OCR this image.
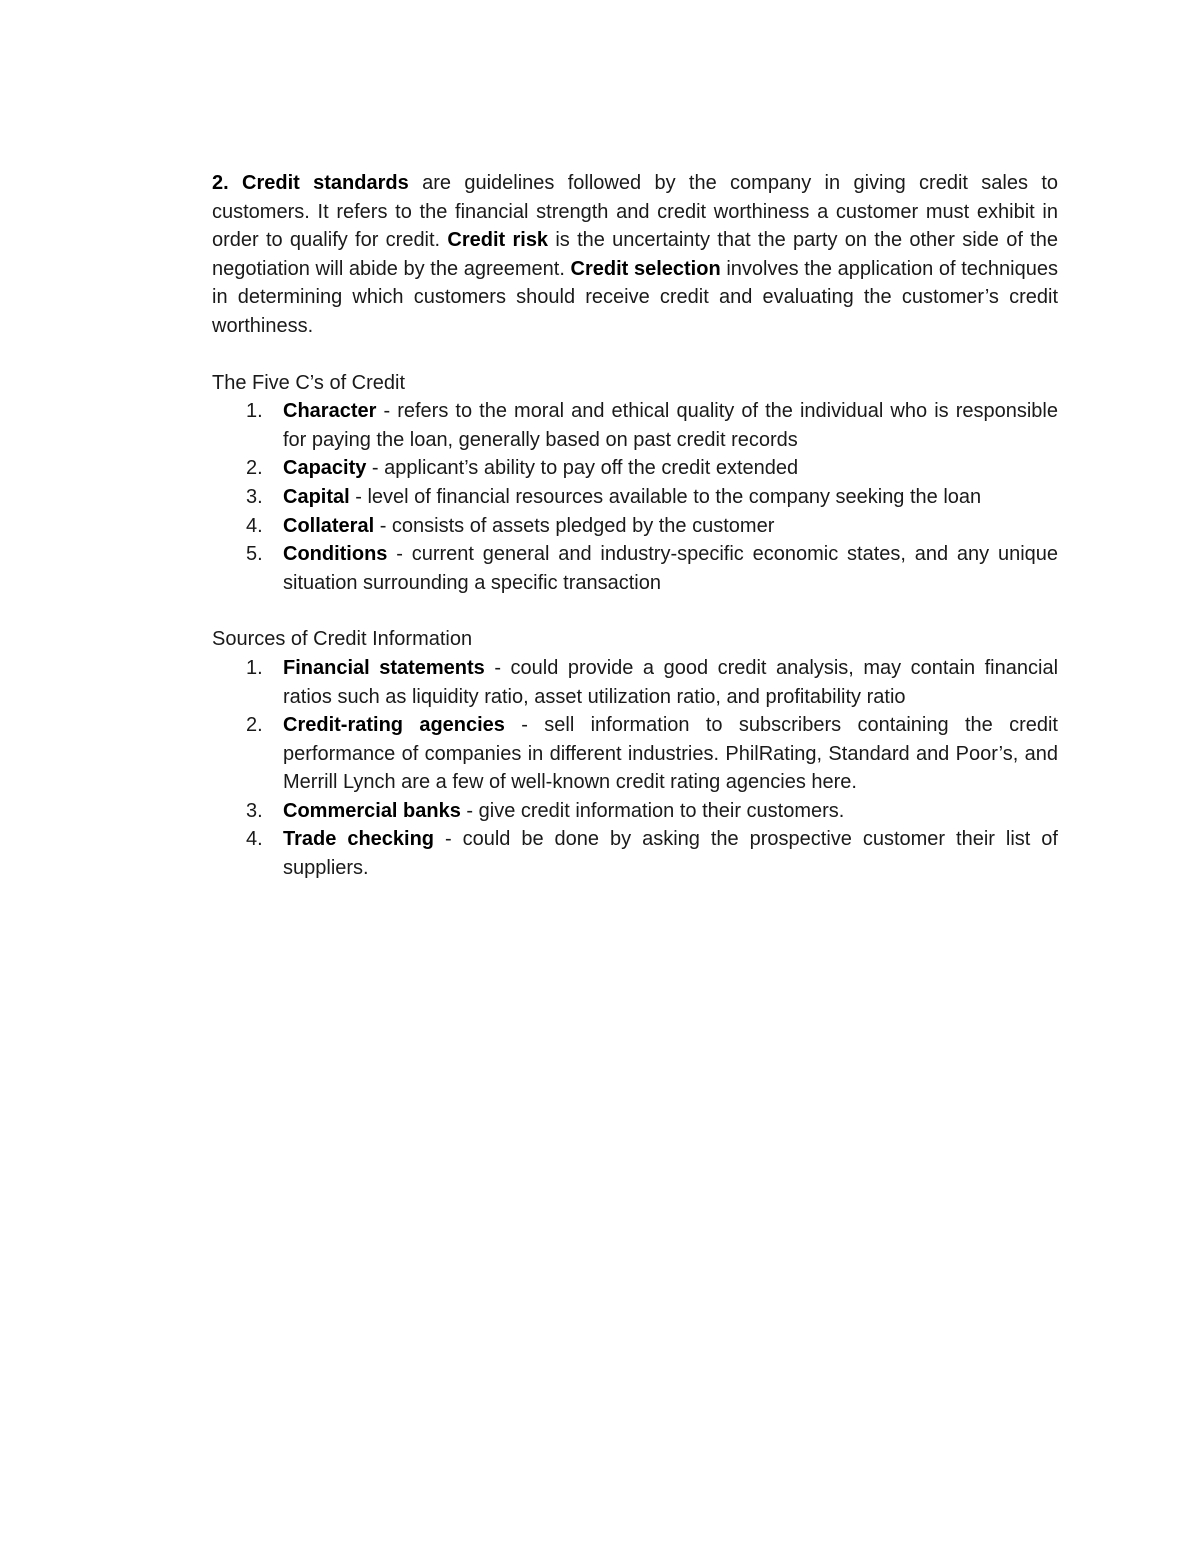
2. Credit standards are guidelines followed by the company in giving credit sales to customers. It refers to the financial strength and credit worthiness a customer must exhibit in order to qualify for credit. Credit risk is the uncertainty that the party on the other side of the negotiation will abide by the agreement. Credit selection involves the application of techniques in determining which customers should receive credit and evaluating the customer’s credit worthiness.

The Five C’s of Credit

1. Character - refers to the moral and ethical quality of the individual who is responsible for paying the loan, generally based on past credit records
2. Capacity - applicant’s ability to pay off the credit extended
3. Capital - level of financial resources available to the company seeking the loan
4. Collateral - consists of assets pledged by the customer
5. Conditions - current general and industry-specific economic states, and any unique situation surrounding a specific transaction

Sources of Credit Information

1. Financial statements - could provide a good credit analysis, may contain financial ratios such as liquidity ratio, asset utilization ratio, and profitability ratio
2. Credit-rating agencies - sell information to subscribers containing the credit performance of companies in different industries. PhilRating, Standard and Poor’s, and Merrill Lynch are a few of well-known credit rating agencies here.
3. Commercial banks - give credit information to their customers.
4. Trade checking - could be done by asking the prospective customer their list of suppliers.
